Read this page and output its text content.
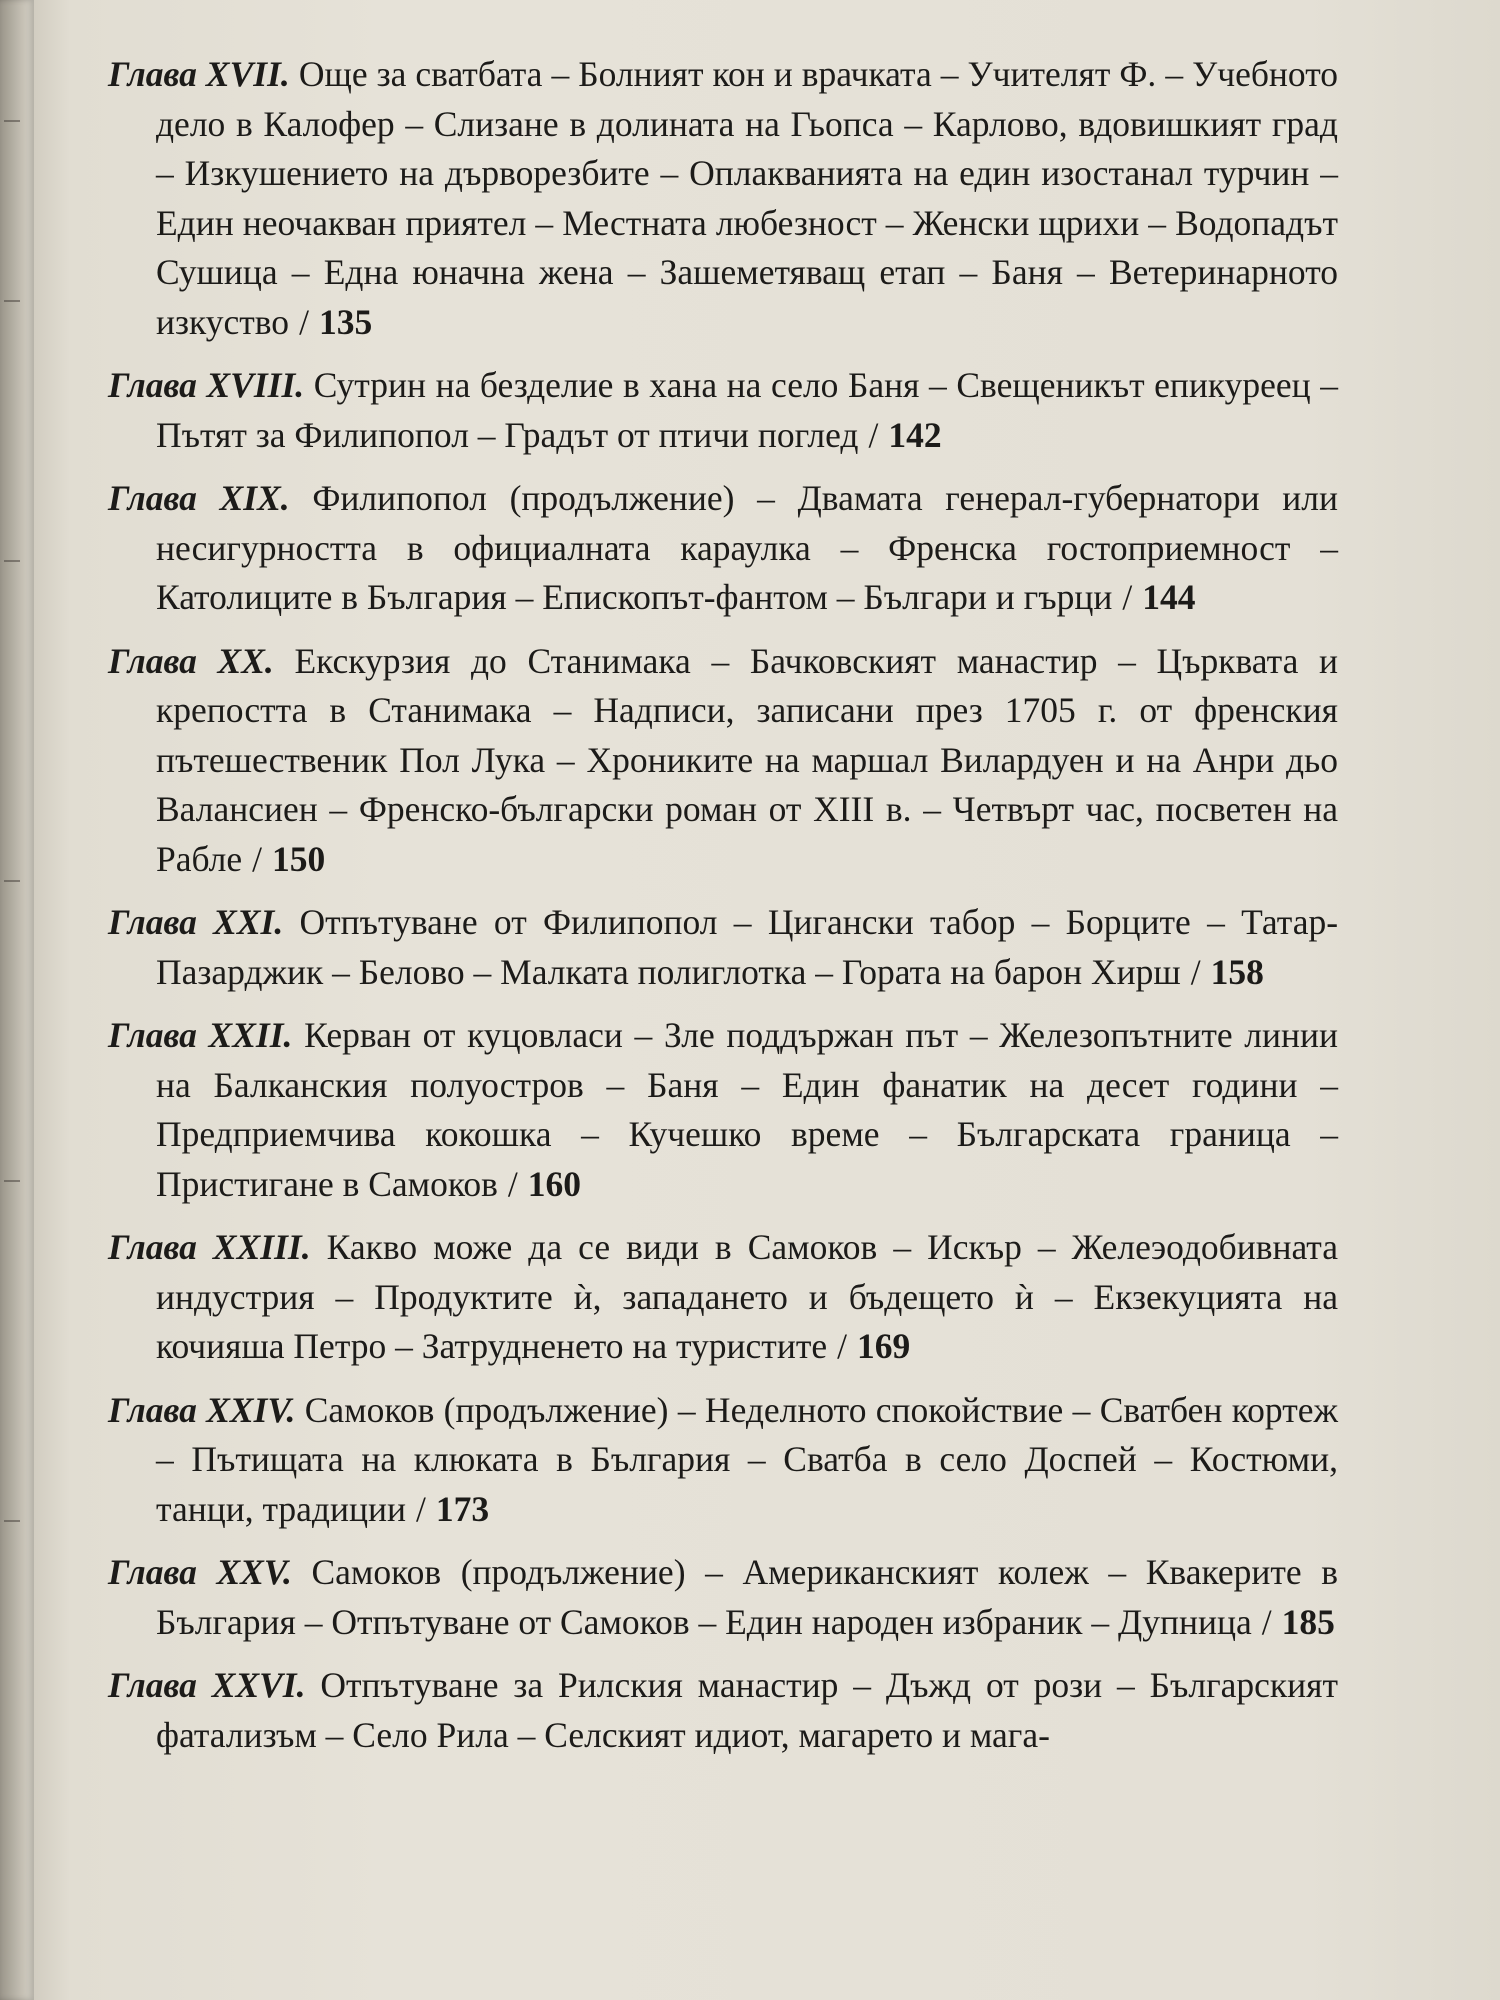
Глава XVII. Още за сватбата – Болният кон и врачката – Учителят Ф. – Учебното дело в Калофер – Слизане в долината на Гьопса – Карлово, вдовишкият град – Изкушението на дърворезбите – Оплакванията на един изостанал турчин – Един неочакван приятел – Местната любезност – Женски щрихи – Водопадът Сушица – Една юначна жена – Зашеметяващ етап – Баня – Ветеринарното изкуство / 135

Глава XVIII. Сутрин на безделие в хана на село Баня – Свещеникът епикуреец – Пътят за Филипопол – Градът от птичи поглед / 142

Глава XIX. Филипопол (продължение) – Двамата генерал-губернатори или несигурността в официалната караулка – Френска гостоприемност – Католиците в България – Епископът-фантом – Българи и гърци / 144

Глава XX. Екскурзия до Станимака – Бачковският манастир – Църквата и крепостта в Станимака – Надписи, записани през 1705 г. от френския пътешественик Пол Лука – Хрониките на маршал Вилардуен и на Анри дьо Валансиен – Френско-български роман от XIII в. – Четвърт час, посветен на Рабле / 150

Глава XXI. Отпътуване от Филипопол – Цигански табор – Борците – Татар-Пазарджик – Белово – Малката полиглотка – Гората на барон Хирш / 158

Глава XXII. Керван от куцовласи – Зле поддържан път – Железопътните линии на Балканския полуостров – Баня – Един фанатик на десет години – Предприемчива кокошка – Кучешко време – Българската граница – Пристигане в Самоков / 160

Глава XXIII. Какво може да се види в Самоков – Искър – Желеэодобивната индустрия – Продуктите ѝ, западането и бъдещето ѝ – Екзекуцията на кочияша Петро – Затрудненето на туристите / 169

Глава XXIV. Самоков (продължение) – Неделното спокойствие – Сватбен кортеж – Пътищата на клюката в България – Сватба в село Доспей – Костюми, танци, традиции / 173

Глава XXV. Самоков (продължение) – Американският колеж – Квакерите в България – Отпътуване от Самоков – Един народен избраник – Дупница / 185

Глава XXVI. Отпътуване за Рилския манастир – Дъжд от рози – Българският фатализъм – Село Рила – Селският идиот, магарето и мага-
